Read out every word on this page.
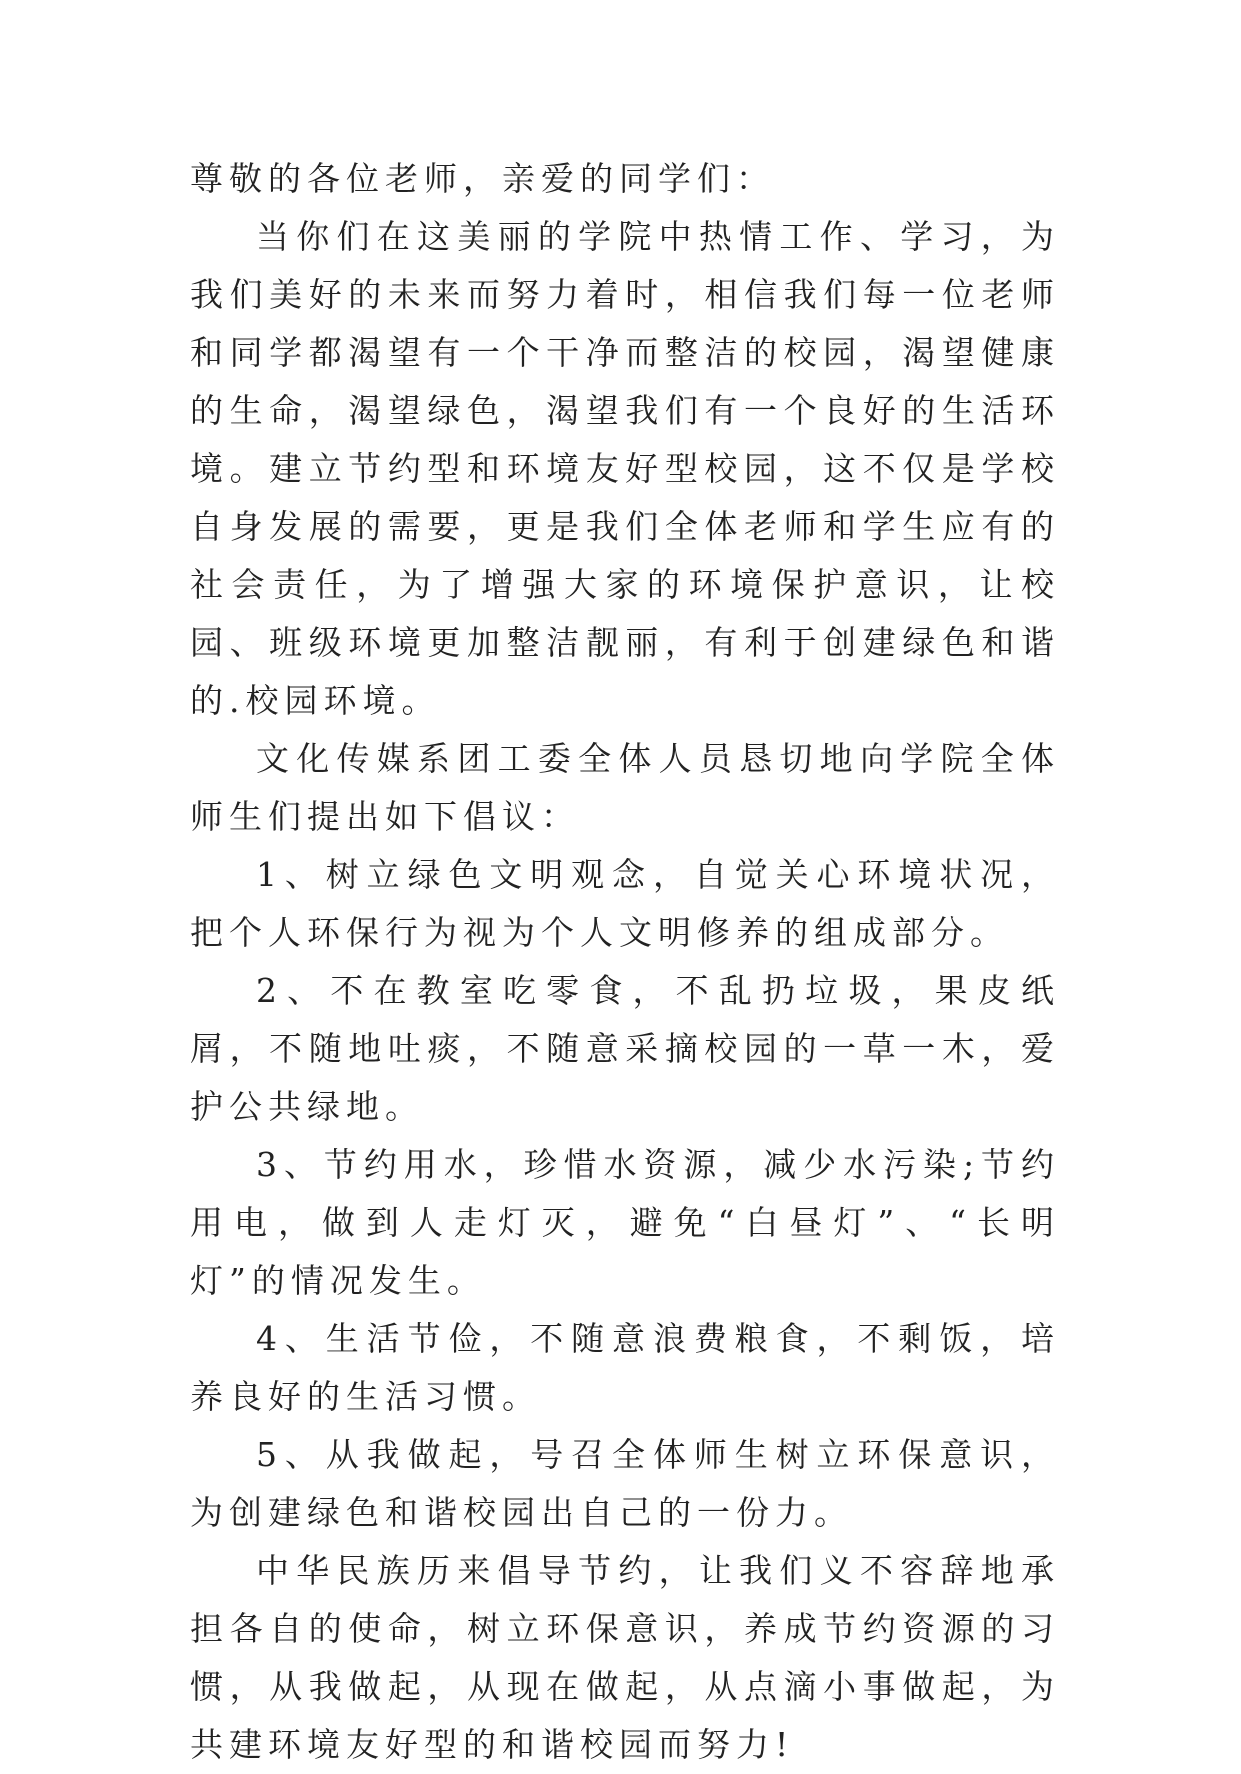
尊敬的各位老师，亲爱的同学们：

当你们在这美丽的学院中热情工作、学习，为我们美好的未来而努力着时，相信我们每一位老师和同学都渴望有一个干净而整洁的校园，渴望健康的生命，渴望绿色，渴望我们有一个良好的生活环境。建立节约型和环境友好型校园，这不仅是学校自身发展的需要，更是我们全体老师和学生应有的社会责任，为了增强大家的环境保护意识，让校园、班级环境更加整洁靓丽，有利于创建绿色和谐的.校园环境。

文化传媒系团工委全体人员恳切地向学院全体师生们提出如下倡议：

1、树立绿色文明观念，自觉关心环境状况，把个人环保行为视为个人文明修养的组成部分。

2、不在教室吃零食，不乱扔垃圾，果皮纸屑，不随地吐痰，不随意采摘校园的一草一木，爱护公共绿地。

3、节约用水，珍惜水资源，减少水污染;节约用电，做到人走灯灭，避免“白昼灯”、“长明灯”的情况发生。

4、生活节俭，不随意浪费粮食，不剩饭，培养良好的生活习惯。

5、从我做起，号召全体师生树立环保意识，为创建绿色和谐校园出自己的一份力。

中华民族历来倡导节约，让我们义不容辞地承担各自的使命，树立环保意识，养成节约资源的习惯，从我做起，从现在做起，从点滴小事做起，为共建环境友好型的和谐校园而努力!
